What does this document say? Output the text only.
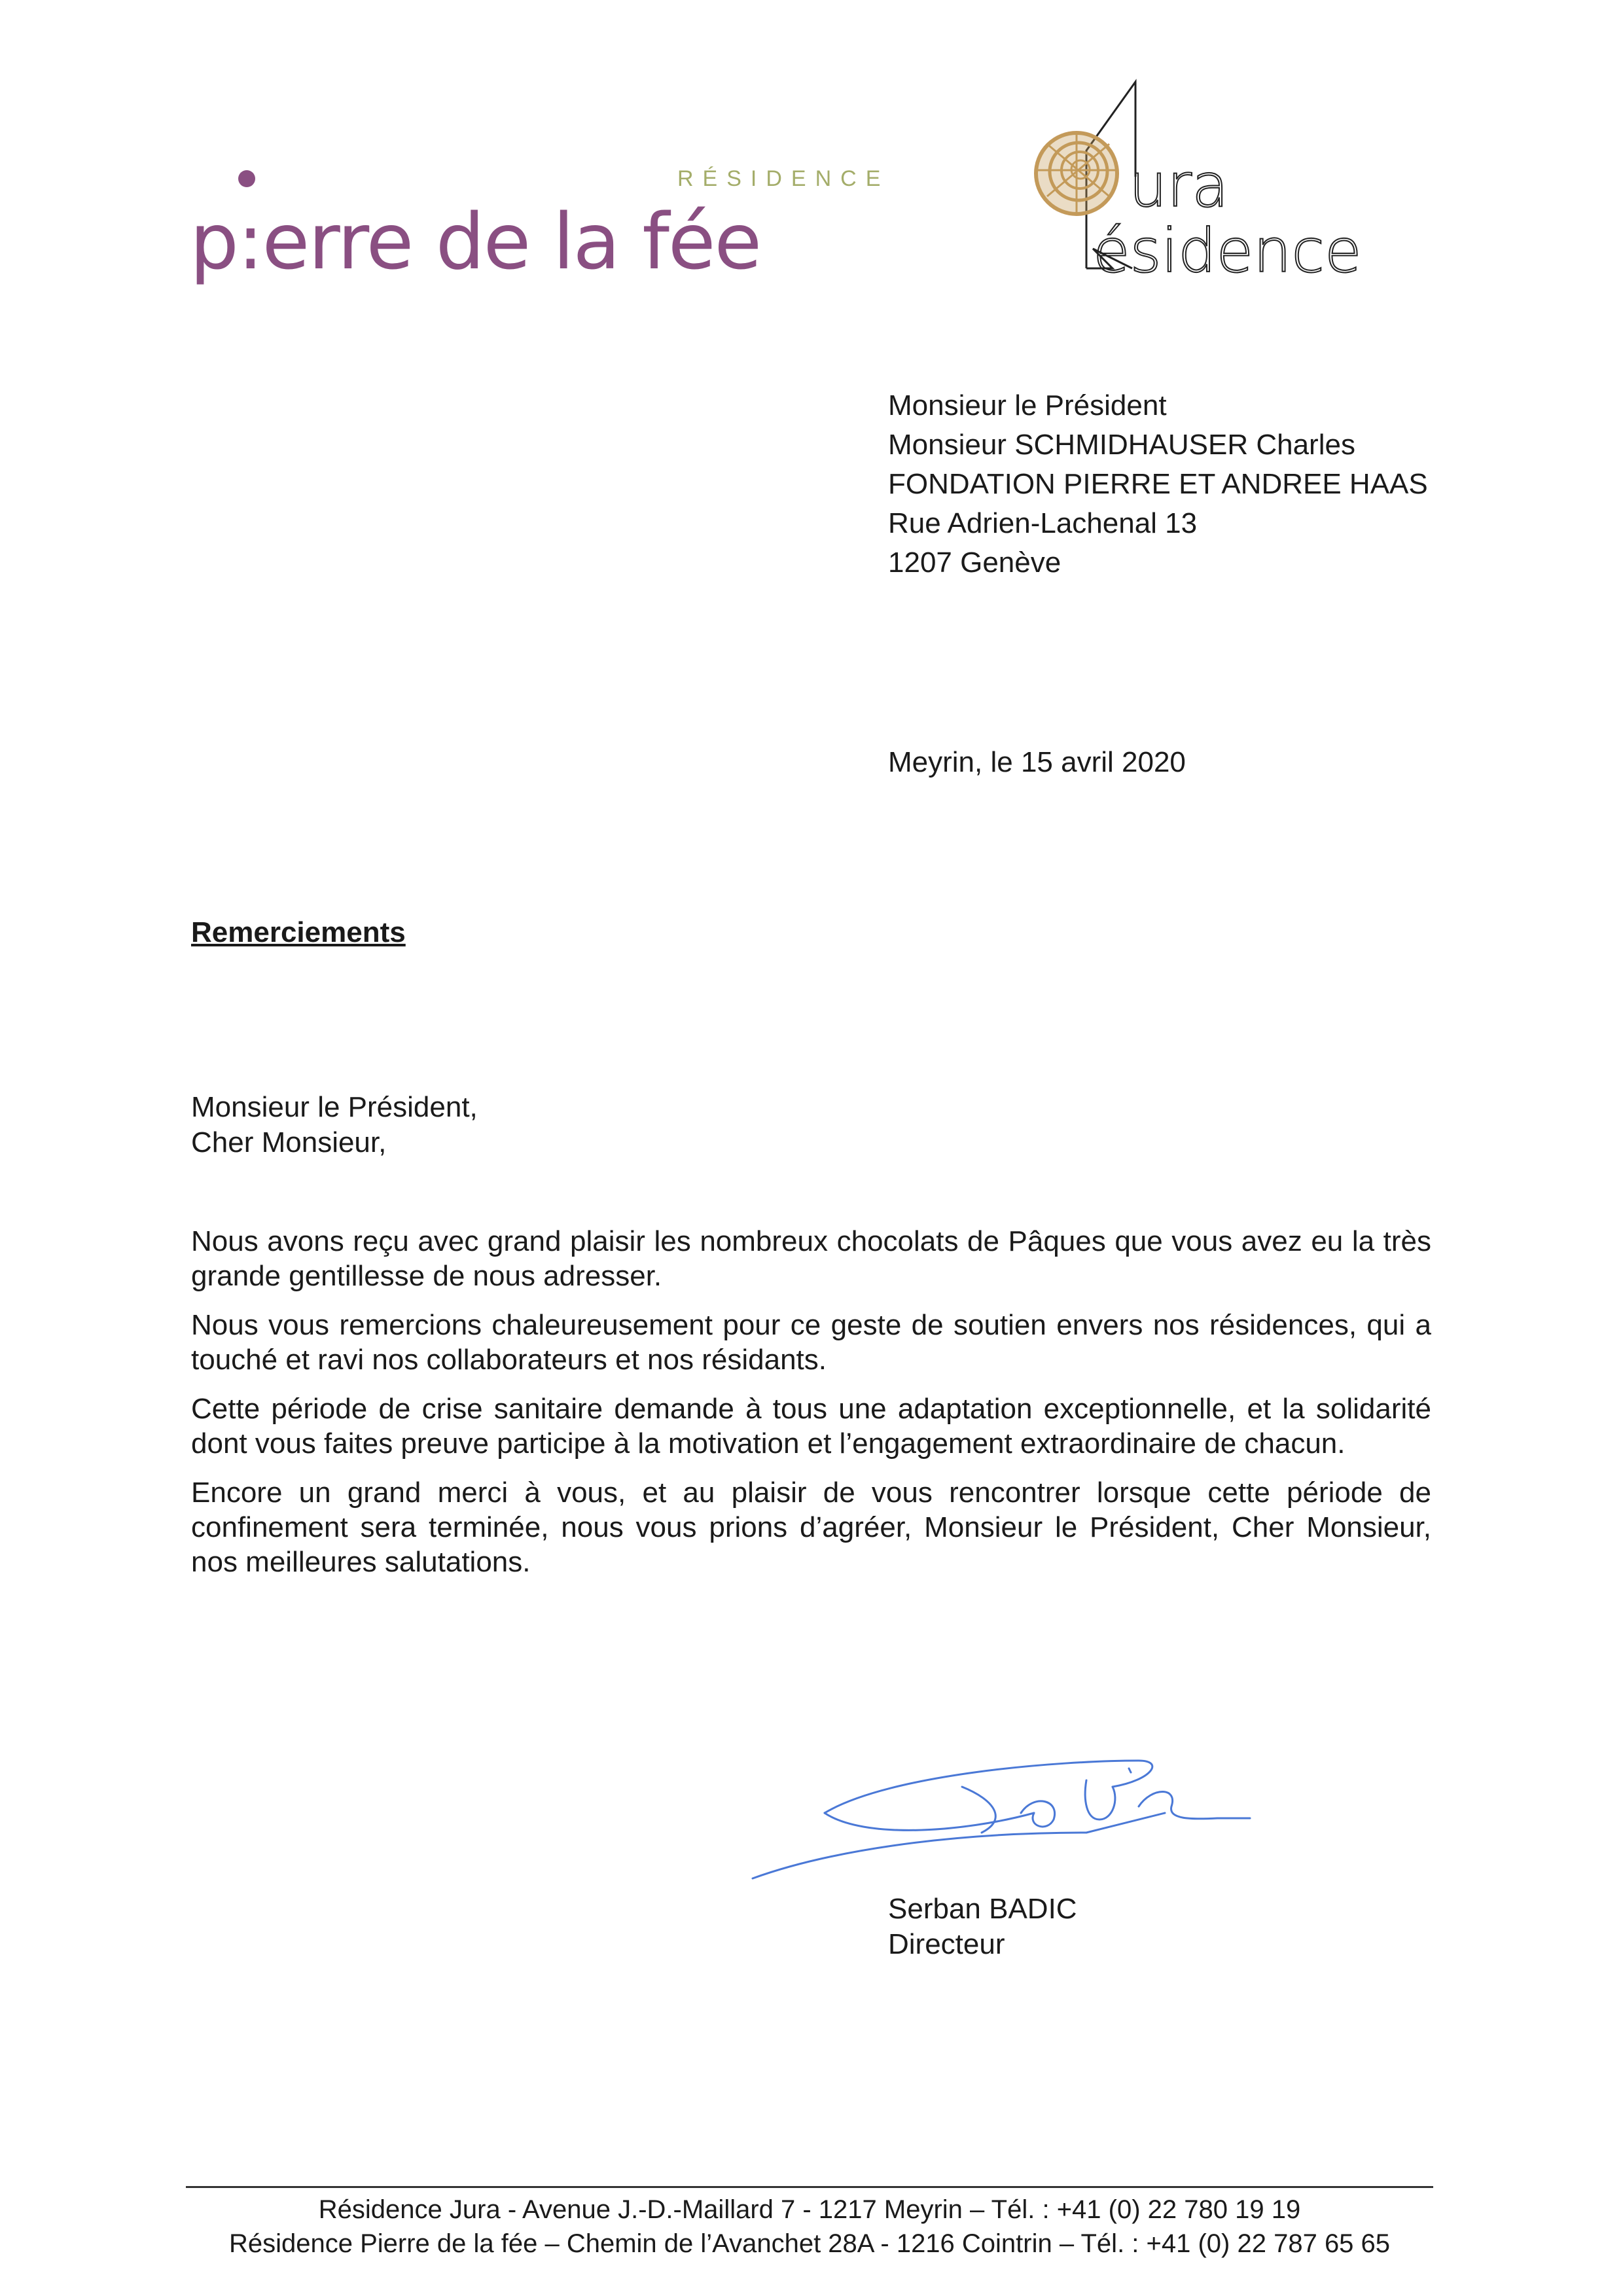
RÉSIDENCE
p:erre de la fée
ura
ésidence
Monsieur le Président
Monsieur SCHMIDHAUSER Charles
FONDATION PIERRE ET ANDREE HAAS
Rue Adrien-Lachenal 13
1207 Genève
Meyrin, le 15 avril 2020
Remerciements
Monsieur le Président,
Cher Monsieur,

Nous avons reçu avec grand plaisir les nombreux chocolats de Pâques que vous avez eu la très grande gentillesse de nous adresser.

Nous vous remercions chaleureusement pour ce geste de soutien envers nos résidences, qui a touché et ravi nos collaborateurs et nos résidants.

Cette période de crise sanitaire demande à tous une adaptation exceptionnelle, et la solidarité dont vous faites preuve participe à la motivation et l’engagement extraordinaire de chacun.

Encore un grand merci à vous, et au plaisir de vous rencontrer lorsque cette période de confinement sera terminée, nous vous prions d’agréer, Monsieur le Président, Cher Monsieur, nos meilleures salutations.

Serban BADIC
Directeur
Résidence Jura - Avenue J.-D.-Maillard 7 - 1217 Meyrin – Tél. : +41 (0) 22 780 19 19
Résidence Pierre de la fée – Chemin de l’Avanchet 28A - 1216 Cointrin – Tél. : +41 (0) 22 787 65 65
